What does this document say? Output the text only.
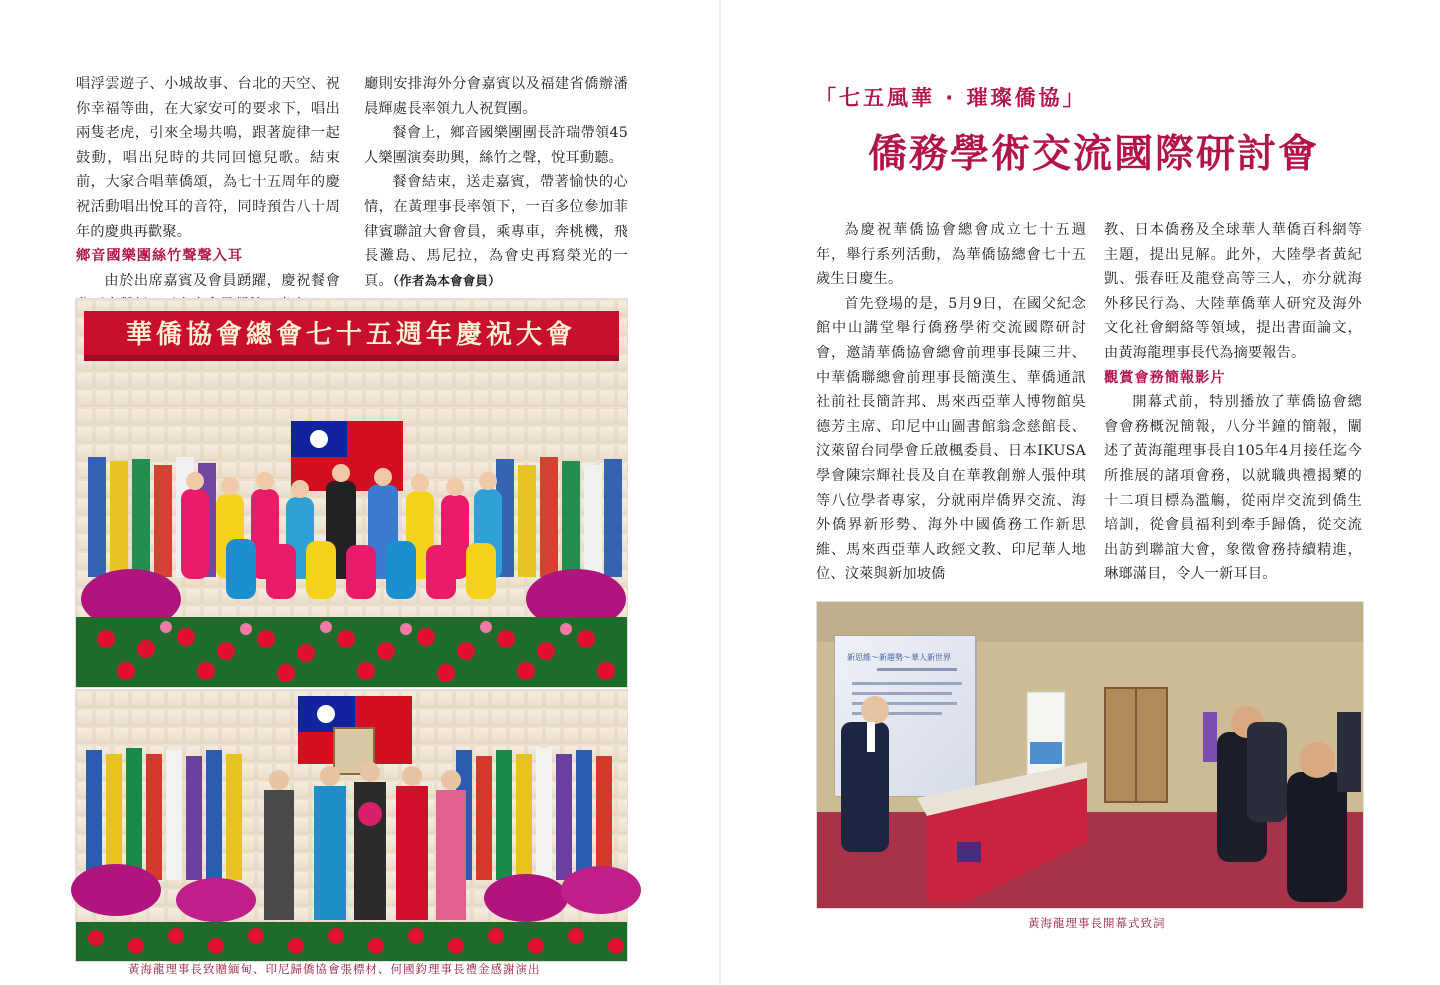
唱浮雲遊子、小城故事、台北的天空、祝你幸福等曲，在大家安可的要求下，唱出兩隻老虎，引來全場共鳴，跟著旋律一起鼓動，唱出兒時的共同回憶兒歌。結束前，大家合唱華僑頌，為七十五周年的慶祝活動唱出悅耳的音符，同時預告八十周年的慶典再歡聚。

鄉音國樂團絲竹聲聲入耳

由於出席嘉賓及會員踴躍，慶祝餐會

廳則安排海外分會嘉賓以及福建省僑辦潘晨輝處長率領九人祝賀團。

餐會上，鄉音國樂團團長許瑞帶領45人樂團演奏助興，絲竹之聲，悅耳動聽。

餐會結束，送走嘉賓，帶著愉快的心情，在黃理事長率領下，一百多位參加菲律賓聯誼大會會員，乘專車，奔桃機，飛長灘島、馬尼拉，為會史再寫榮光的一頁。（作者為本會會員）

華僑協會總會七十五週年慶祝大會
黃海龍理事長致贈緬甸、印尼歸僑協會張標材、何國鈞理事長禮金感謝演出
「七五風華 · 璀璨僑協」
僑務學術交流國際研討會

為慶祝華僑協會總會成立七十五週年，舉行系列活動，為華僑協總會七十五歲生日慶生。

首先登場的是，5月9日，在國父紀念館中山講堂舉行僑務學術交流國際研討會，邀請華僑協會總會前理事長陳三井、中華僑聯總會前理事長簡漢生、華僑通訊社前社長簡許邦、馬來西亞華人博物館吳德芳主席、印尼中山圖書館翁念慈館長、汶萊留台同學會丘啟楓委員、日本IKUSA學會陳宗輝社長及自在華教創辦人張仲琪等八位學者專家，分就兩岸僑界交流、海外僑界新形勢、海外中國僑務工作新思維、馬來西亞華人政經文教、印尼華人地位、汶萊與新加坡僑

教、日本僑務及全球華人華僑百科網等主題，提出見解。此外，大陸學者黃紀凱、張春旺及龍登高等三人，亦分就海外移民行為、大陸華僑華人研究及海外文化社會網絡等領域，提出書面論文，由黃海龍理事長代為摘要報告。

觀賞會務簡報影片

開幕式前，特別播放了華僑協會總會會務概況簡報，八分半鐘的簡報，闡述了黃海龍理事長自105年4月接任迄今所推展的諸項會務，以就職典禮揭櫫的十二項目標為濫觴，從兩岸交流到僑生培訓，從會員福利到牽手歸僑，從交流出訪到聯誼大會，象徵會務持續精進，琳瑯滿目，令人一新耳目。

新思維～新趨勢～華人新世界
黃海龍理事長開幕式致詞
